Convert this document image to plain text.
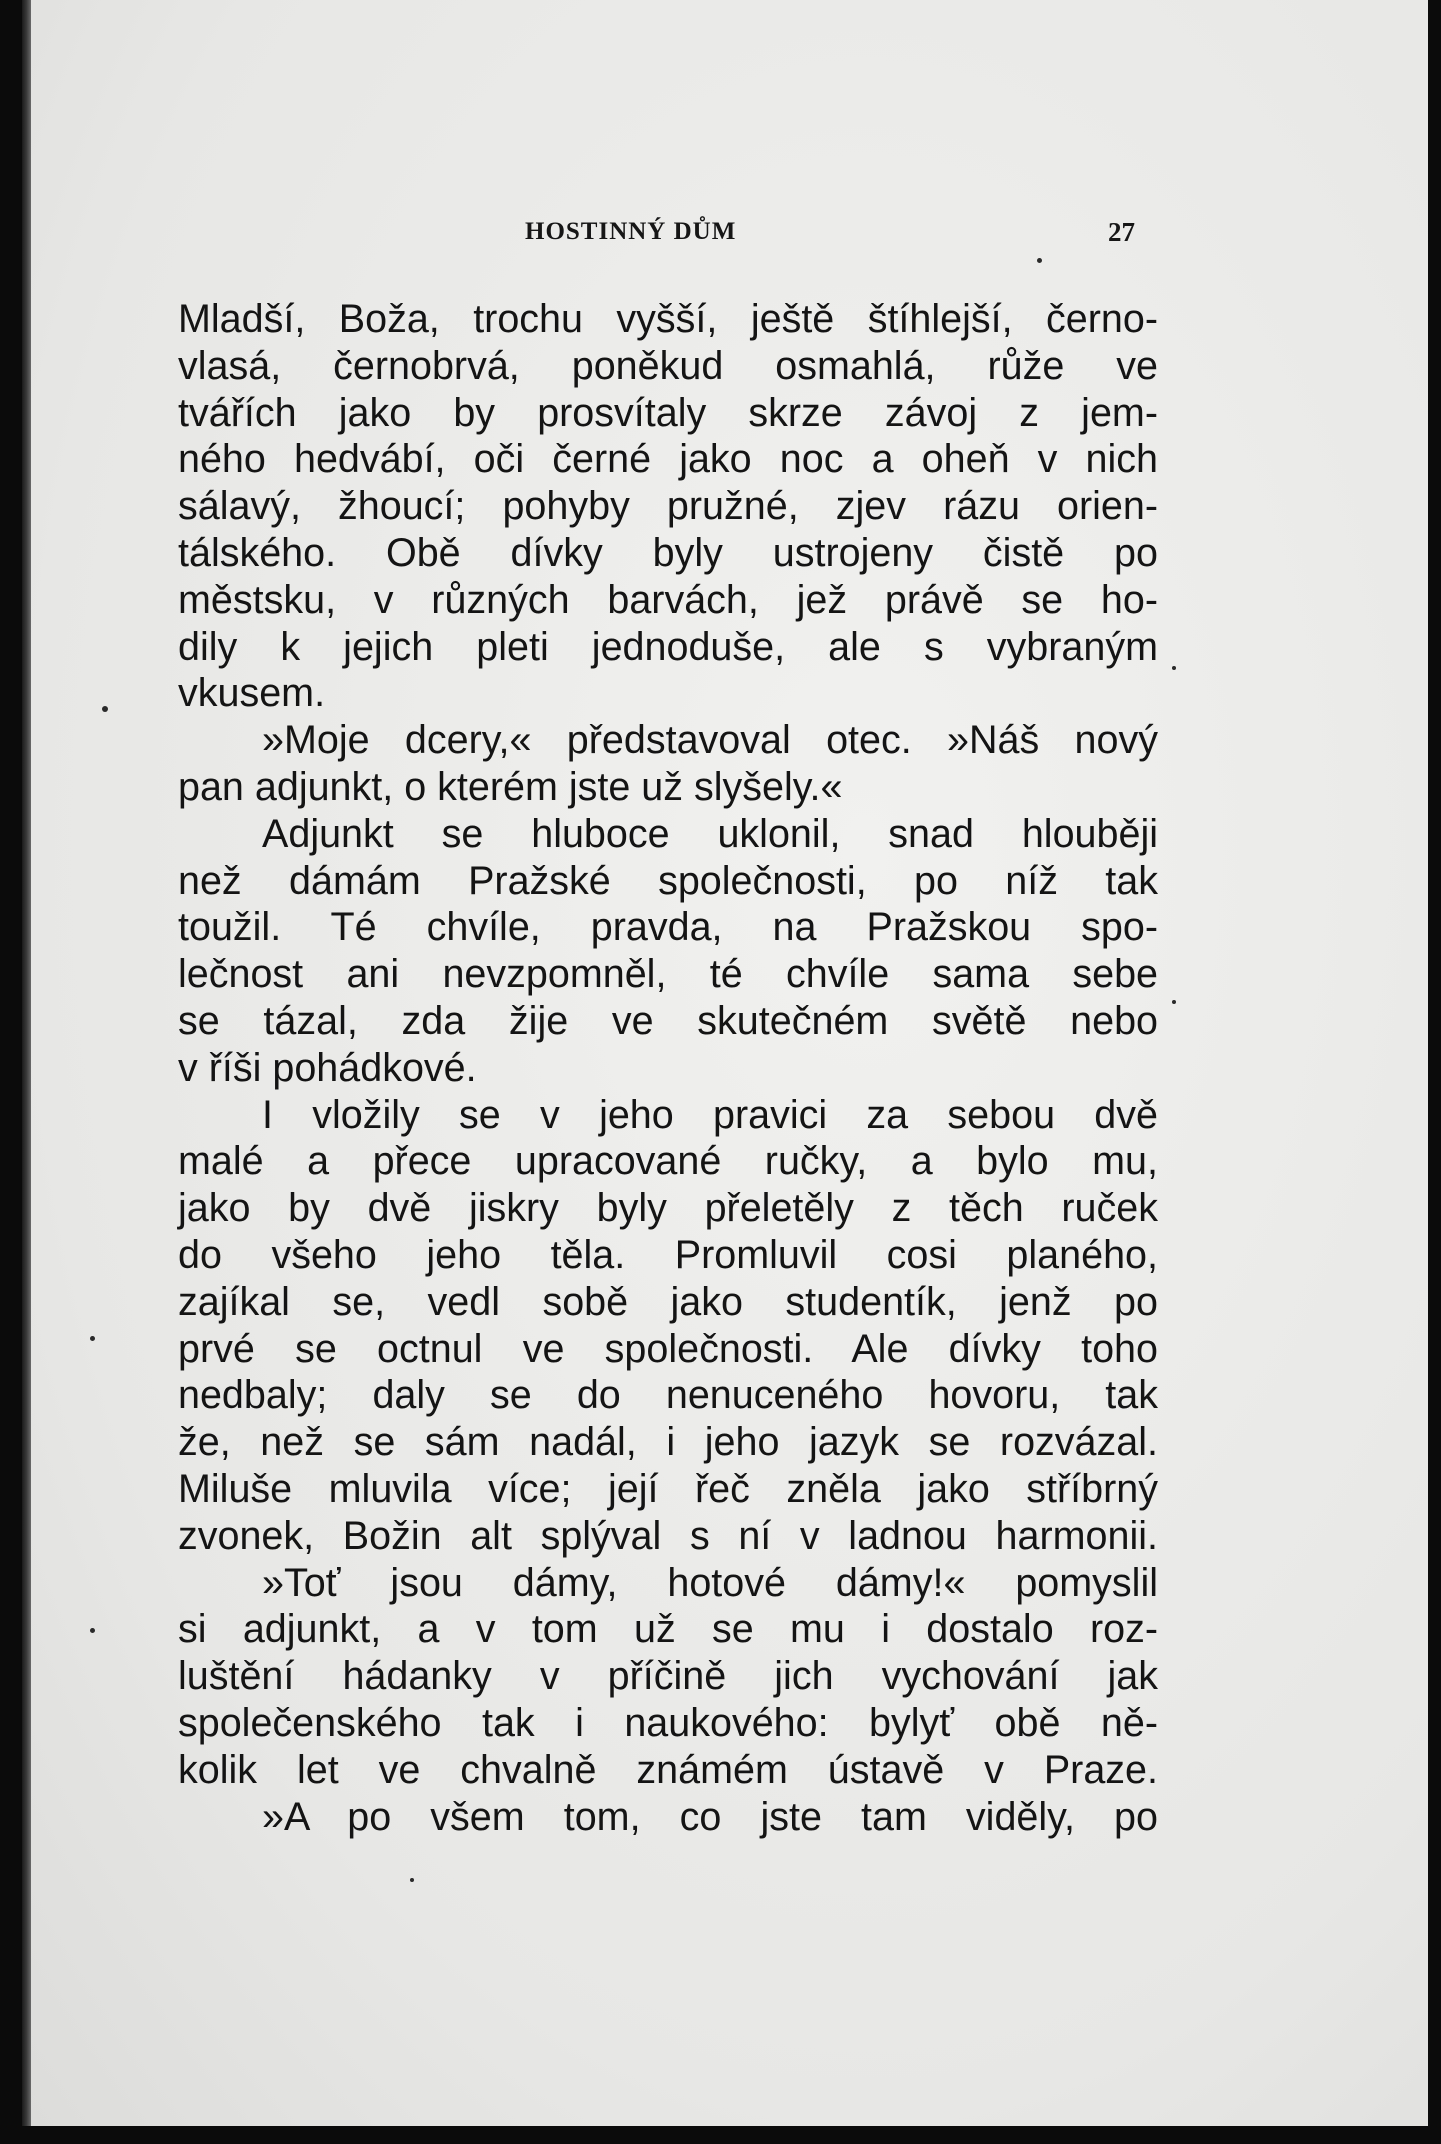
HOSTINNÝ DŮM	27
Mladší, Boža, trochu vyšší, ještě štíhlejší, černo-
vlasá, černobrvá, poněkud osmahlá, růže ve
tvářích jako by prosvítaly skrze závoj z jem-
ného hedvábí, oči černé jako noc a oheň v nich
sálavý, žhoucí; pohyby pružné, zjev rázu orien-
tálského. Obě dívky byly ustrojeny čistě po
městsku, v různých barvách, jež právě se ho-
dily k jejich pleti jednoduše, ale s vybraným
vkusem.
»Moje dcery,« představoval otec. »Náš nový
pan adjunkt, o kterém jste už slyšely.«
Adjunkt se hluboce uklonil, snad hlouběji
než dámám Pražské společnosti, po níž tak
toužil. Té chvíle, pravda, na Pražskou spo-
lečnost ani nevzpomněl, té chvíle sama sebe
se tázal, zda žije ve skutečném světě nebo
v říši pohádkové.
I vložily se v jeho pravici za sebou dvě
malé a přece upracované ručky, a bylo mu,
jako by dvě jiskry byly přeletěly z těch ruček
do všeho jeho těla. Promluvil cosi planého,
zajíkal se, vedl sobě jako studentík, jenž po
prvé se octnul ve společnosti. Ale dívky toho
nedbaly; daly se do nenuceného hovoru, tak
že, než se sám nadál, i jeho jazyk se rozvázal.
Miluše mluvila více; její řeč zněla jako stříbrný
zvonek, Božin alt splýval s ní v ladnou harmonii.
»Toť jsou dámy, hotové dámy!« pomyslil
si adjunkt, a v tom už se mu i dostalo roz-
luštění hádanky v příčině jich vychování jak
společenského tak i naukového: bylyť obě ně-
kolik let ve chvalně známém ústavě v Praze.
»A po všem tom, co jste tam viděly, po
